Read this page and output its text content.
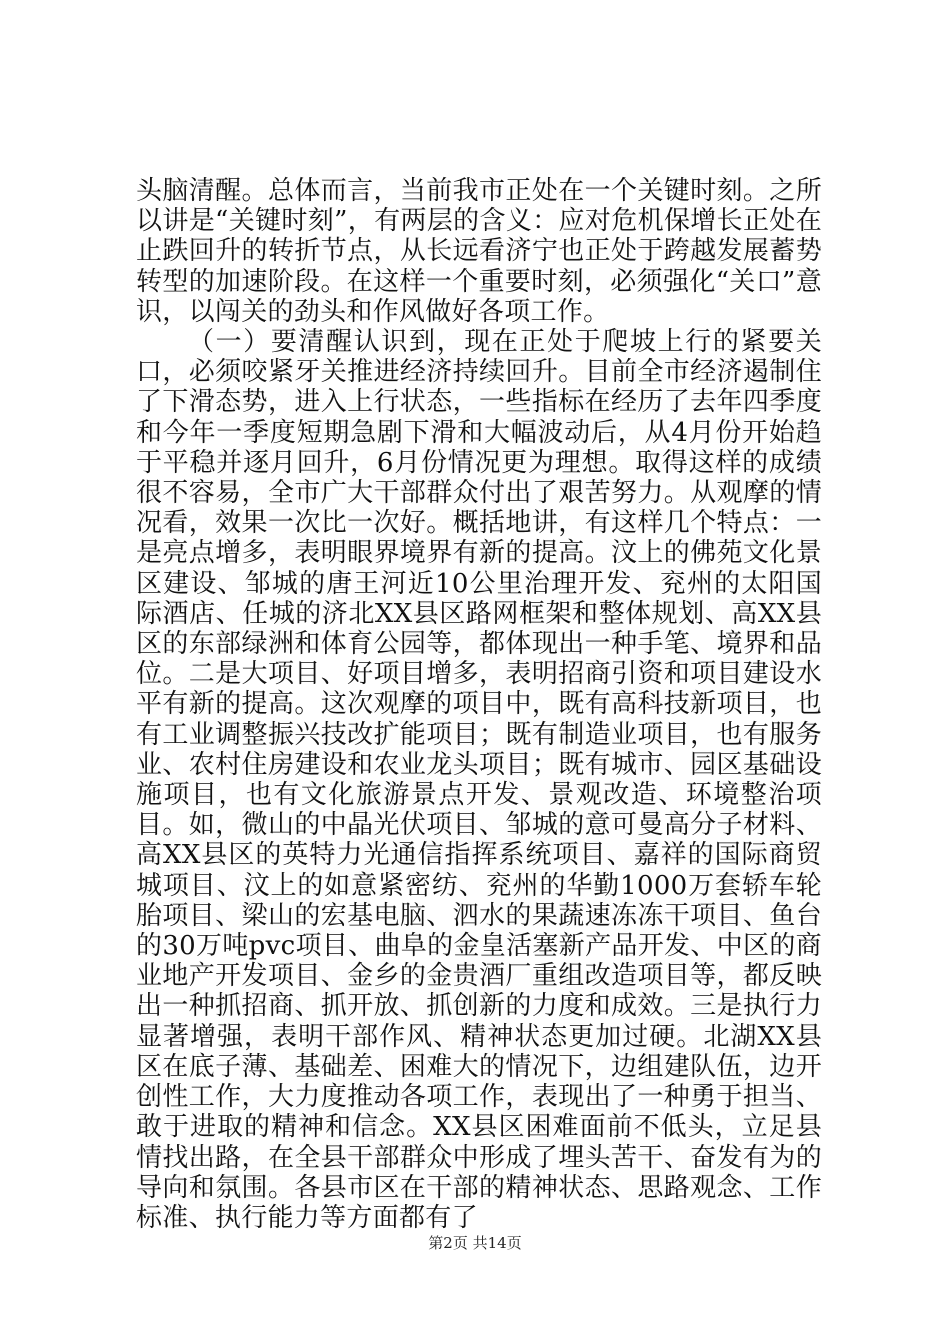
头脑清醒。总体而言，当前我市正处在一个关键时刻。之所以讲是“关键时刻”，有两层的含义：应对危机保增长正处在止跌回升的转折节点，从长远看济宁也正处于跨越发展蓄势转型的加速阶段。在这样一个重要时刻，必须强化“关口”意识，以闯关的劲头和作风做好各项工作。

（一）要清醒认识到，现在正处于爬坡上行的紧要关口，必须咬紧牙关推进经济持续回升。目前全市经济遏制住了下滑态势，进入上行状态，一些指标在经历了去年四季度和今年一季度短期急剧下滑和大幅波动后，从4月份开始趋于平稳并逐月回升，6月份情况更为理想。取得这样的成绩很不容易，全市广大干部群众付出了艰苦努力。从观摩的情况看，效果一次比一次好。概括地讲，有这样几个特点：一是亮点增多，表明眼界境界有新的提高。汶上的佛苑文化景区建设、邹城的唐王河近10公里治理开发、兖州的太阳国际酒店、任城的济北XX县区路网框架和整体规划、高XX县区的东部绿洲和体育公园等，都体现出一种手笔、境界和品位。二是大项目、好项目增多，表明招商引资和项目建设水平有新的提高。这次观摩的项目中，既有高科技新项目，也有工业调整振兴技改扩能项目；既有制造业项目，也有服务业、农村住房建设和农业龙头项目；既有城市、园区基础设施项目，也有文化旅游景点开发、景观改造、环境整治项目。如，微山的中晶光伏项目、邹城的意可曼高分子材料、高XX县区的英特力光通信指挥系统项目、嘉祥的国际商贸城项目、汶上的如意紧密纺、兖州的华勤1000万套轿车轮胎项目、梁山的宏基电脑、泗水的果蔬速冻冻干项目、鱼台的30万吨pvc项目、曲阜的金皇活塞新产品开发、中区的商业地产开发项目、金乡的金贵酒厂重组改造项目等，都反映出一种抓招商、抓开放、抓创新的力度和成效。三是执行力显著增强，表明干部作风、精神状态更加过硬。北湖XX县区在底子薄、基础差、困难大的情况下，边组建队伍，边开创性工作，大力度推动各项工作，表现出了一种勇于担当、敢于进取的精神和信念。XX县区困难面前不低头，立足县情找出路，在全县干部群众中形成了埋头苦干、奋发有为的导向和氛围。各县市区在干部的精神状态、思路观念、工作标准、执行能力等方面都有了

第2页 共14页
